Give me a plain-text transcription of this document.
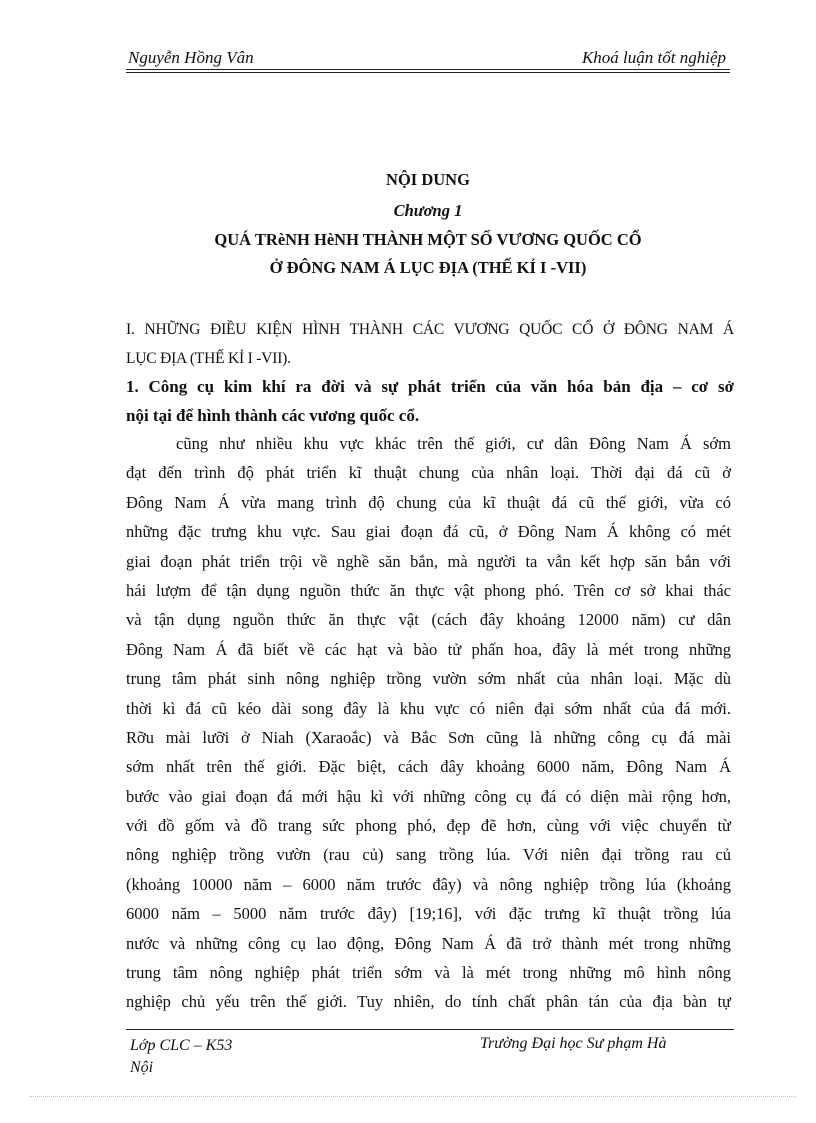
Nguyễn Hồng Vân	Khoá luận tốt nghiệp
NỘI DUNG
Chương 1
QUÁ TRèNH HèNH THÀNH MỘT SỐ VƯƠNG QUỐC CỔ
Ở ĐÔNG NAM Á LỤC ĐỊA (THẾ KỈ I -VII)
I. NHỮNG ĐIỀU KIỆN HÌNH THÀNH CÁC VƯƠNG QUỐC CỔ Ở ĐÔNG NAM Á
LỤC ĐỊA (THẾ KỈ I -VII).
1. Công cụ kim khí ra đời và sự phát triển của văn hóa bản địa – cơ sở
nội tại để hình thành các vương quốc cổ.
cũng như nhiều khu vực khác trên thế giới, cư dân Đông Nam Á sớm
đạt đến trình độ phát triển kĩ thuật chung của nhân loại. Thời đại đá cũ ở
Đông Nam Á vừa mang trình độ chung của kĩ thuật đá cũ thế giới, vừa có
những đặc trưng khu vực. Sau giai đoạn đá cũ, ở Đông Nam Á không có mét
giai đoạn phát triển trội về nghề săn bắn, mà người ta vẫn kết hợp săn bắn với
hái lượm để tận dụng nguồn thức ăn thực vật phong phó. Trên cơ sở khai thác
và tận dụng nguồn thức ăn thực vật (cách đây khoảng 12000 năm) cư dân
Đông Nam Á đã biết về các hạt và bào tử phấn hoa, đây là mét trong những
trung tâm phát sinh nông nghiệp trồng vườn sớm nhất của nhân loại. Mặc dù
thời kì đá cũ kéo dài song đây là khu vực có niên đại sớm nhất của đá mới.
Rỡu mài lưỡi ở Niah (Xaraoắc) và Bắc Sơn cũng là những công cụ đá mài
sớm nhất trên thế giới. Đặc biệt, cách đây khoảng 6000 năm, Đông Nam Á
bước vào giai đoạn đá mới hậu kì với những công cụ đá có diện mài rộng hơn,
với đồ gốm và đồ trang sức phong phó, đẹp đẽ hơn, cùng với việc chuyển từ
nông nghiệp trồng vườn (rau củ) sang trồng lúa. Với niên đại trồng rau củ
(khoảng 10000 năm – 6000 năm trước đây) và nông nghiệp trồng lúa (khoảng
6000 năm – 5000 năm trước đây) [19;16], với đặc trưng kĩ thuật trồng lúa
nước và những công cụ lao động, Đông Nam Á đã trở thành mét trong những
trung tâm nông nghiệp phát triển sớm và là mét trong những mô hình nông
nghiệp chủ yếu trên thế giới. Tuy nhiên, do tính chất phân tán của địa bàn tự
Lớp CLC – K53
Nội
Trường Đại học Sư phạm Hà
